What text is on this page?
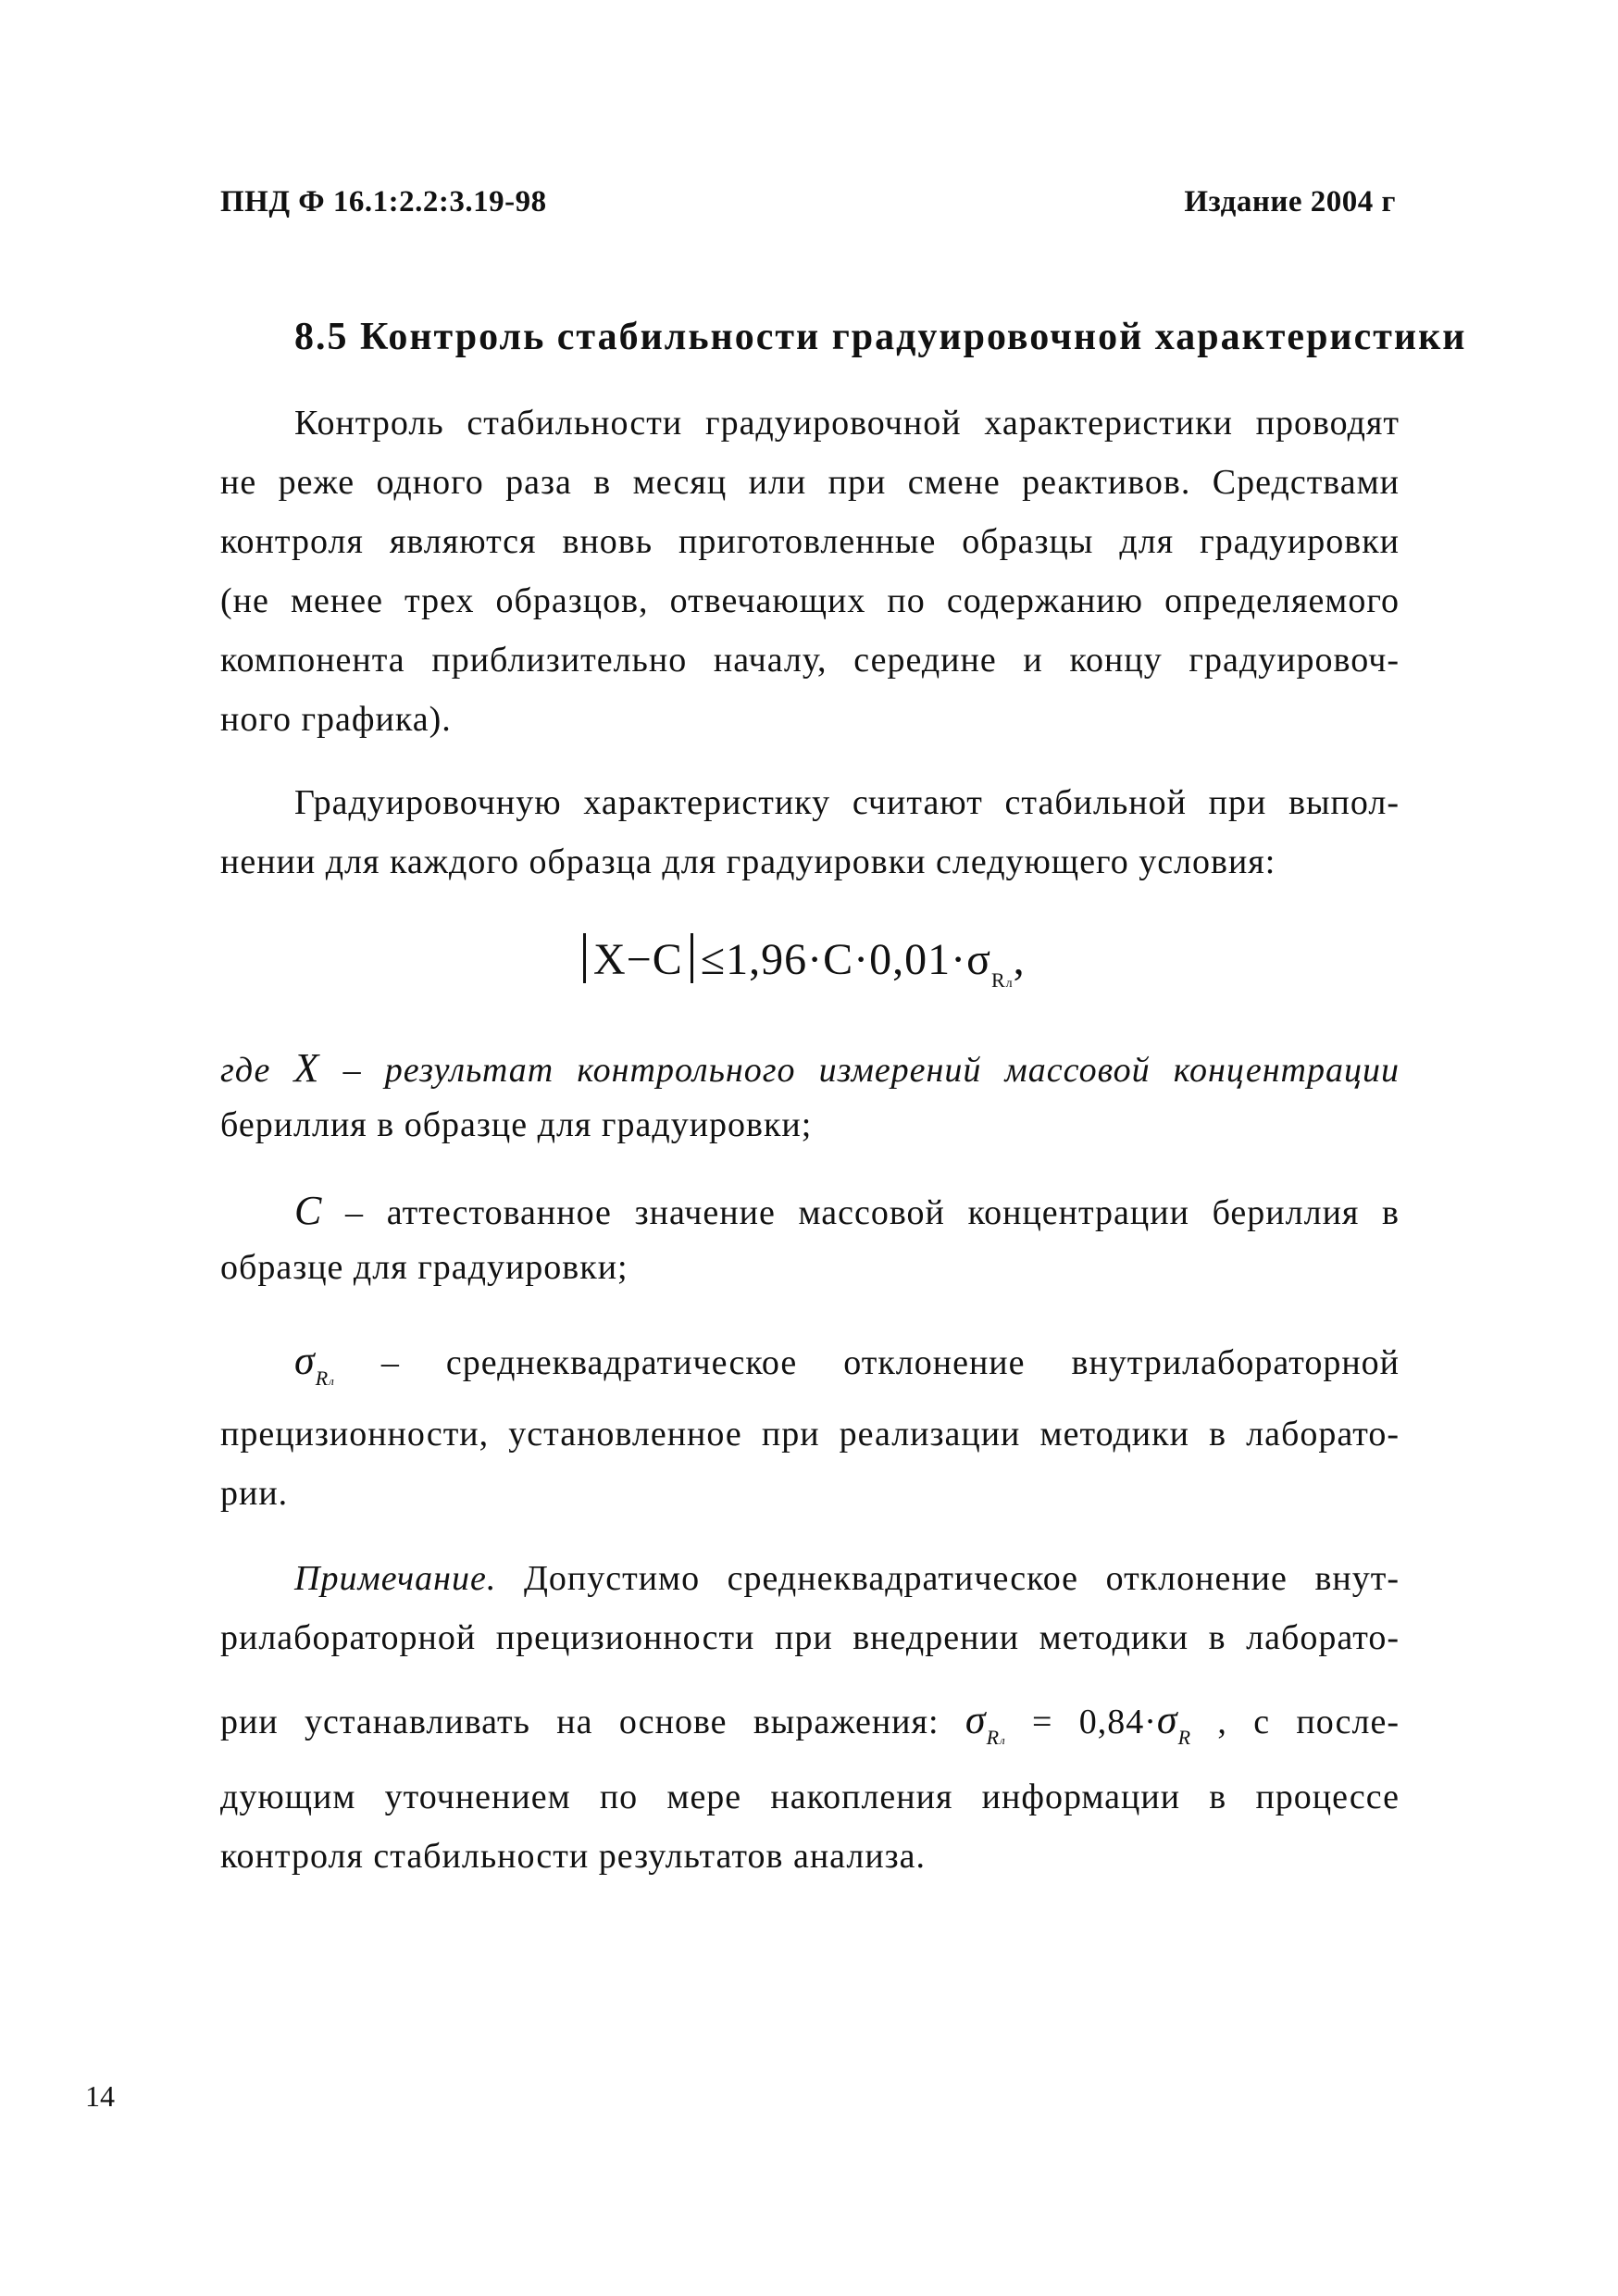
ПНД Ф 16.1:2.2:3.19-98	Издание 2004 г
8.5 Контроль стабильности градуировочной характеристики
Контроль стабильности градуировочной характеристики проводят
не реже одного раза в месяц или при смене реактивов. Средствами
контроля являются вновь приготовленные образцы для градуировки
(не менее трех образцов, отвечающих по содержанию определяемого
компонента приблизительно началу, середине и концу градуировоч-
ного графика).
Градуировочную характеристику считают стабильной при выпол-
нении для каждого образца для градуировки следующего условия:
$X-C \le 1,96\cdot C\cdot 0,01\cdot\sigma_{Rл}$,
где X – результат контрольного измерений массовой концентрации
бериллия в образце для градуировки;
C – аттестованное значение массовой концентрации бериллия в
образце для градуировки;
$\sigma_{Rл}$ – среднеквадратическое отклонение внутрилабораторной
прецизионности, установленное при реализации методики в лаборато-
рии.
Примечание. Допустимо среднеквадратическое отклонение внут-
рилабораторной прецизионности при внедрении методики в лаборато-
рии устанавливать на основе выражения: $\sigma_{Rл} = 0,84\cdot\sigma_R$ , с после-
дующим уточнением по мере накопления информации в процессе
контроля стабильности результатов анализа.
14
